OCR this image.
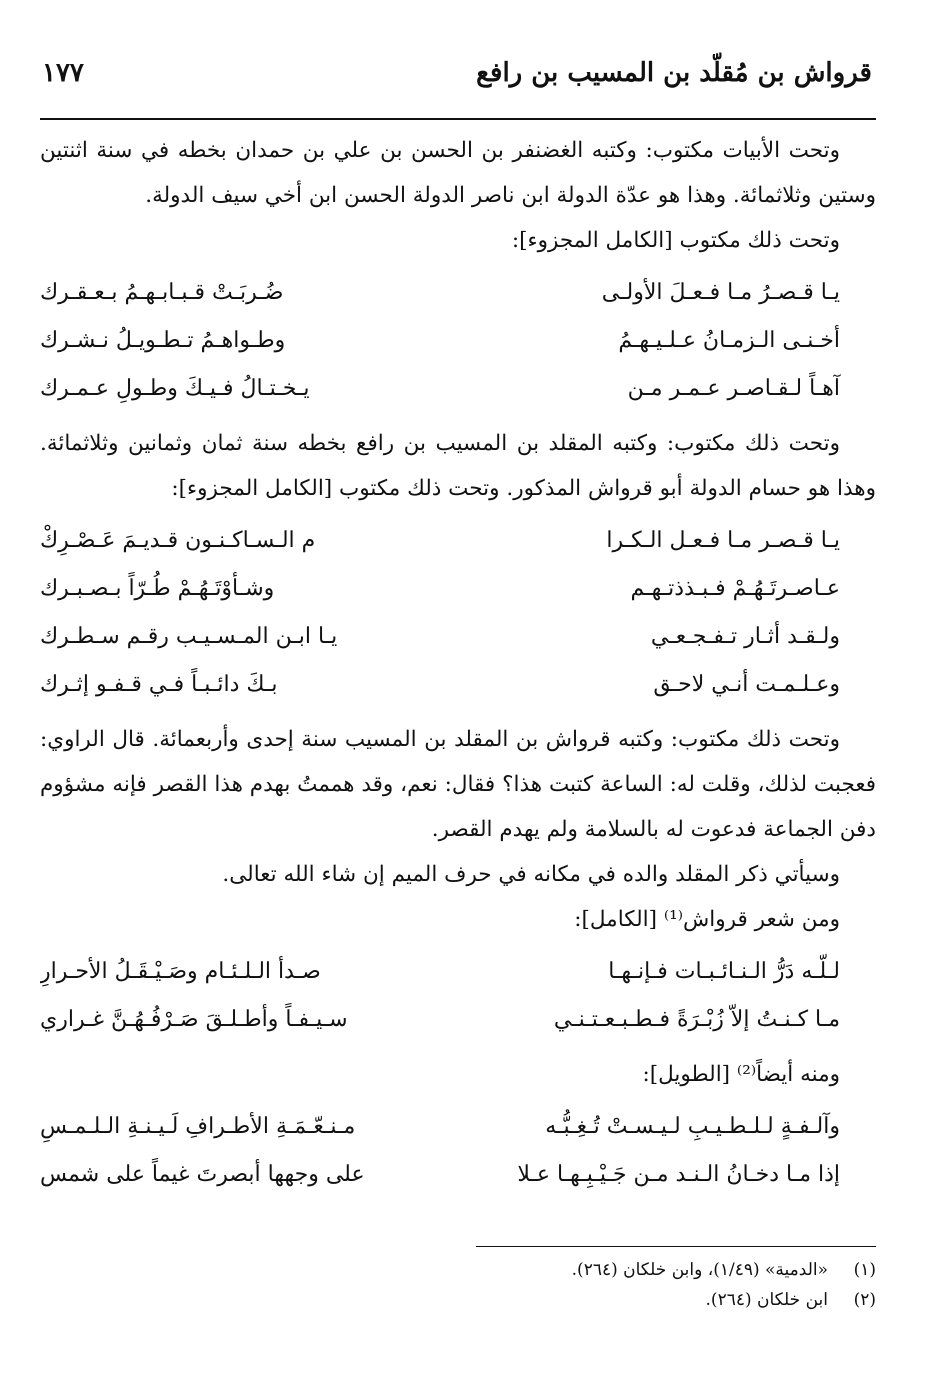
قرواش بن مُقلّد بن المسيب بن رافع
١٧٧

وتحت الأبيات مكتوب: وكتبه الغضنفر بن الحسن بن علي بن حمدان بخطه في سنة اثنتين وستين وثلاثمائة. وهذا هو عدّة الدولة ابن ناصر الدولة الحسن ابن أخي سيف الدولة.

وتحت ذلك مكتوب [الكامل المجزوء]:

يـا قـصـرُ مـا فـعـلَ الأولـى
ضُـربَـتْ قـبـابـهـمُ بـعـقـرك
أخـنـى الـزمـانُ عـلـيـهـمُ
وطـواهـمُ تـطـويـلُ نـشـرك
آهـاً لـقـاصـر عـمـر مـن
يـخـتـالُ فـيـكَ وطـولِ عـمـرك

وتحت ذلك مكتوب: وكتبه المقلد بن المسيب بن رافع بخطه سنة ثمان وثمانين وثلاثمائة. وهذا هو حسام الدولة أبو قرواش المذكور. وتحت ذلك مكتوب [الكامل المجزوء]:

يـا قـصـر مـا فـعـل الـكـرا
م الـسـاكـنـون قـديـمَ عَـصْـرِكْ
عـاصـرتَـهُـمْ فـبـذذتـهـم
وشـأوْتَـهُـمْ طُـرّاً بـصـبـرك
ولـقـد أثـار تـفـجـعـي
يـا ابـن المـسـيـب رقـم سـطـرك
وعـلـمـت أنـي لاحـق
بـكَ دائـبـاً فـي قـفـو إثـرك

وتحت ذلك مكتوب: وكتبه قرواش بن المقلد بن المسيب سنة إحدى وأربعمائة. قال الراوي: فعجبت لذلك، وقلت له: الساعة كتبت هذا؟ فقال: نعم، وقد هممتُ بهدم هذا القصر فإنه مشؤوم دفن الجماعة فدعوت له بالسلامة ولم يهدم القصر.

وسيأتي ذكر المقلد والده في مكانه في حرف الميم إن شاء الله تعالى.

ومن شعر قرواش⁽¹⁾ [الكامل]:

لـلّـه دَرُّ الـنـائـبـات فـإنـهـا
صـدأ الـلـئـام وصَـيْـقَـلُ الأحـرارِ
مـا كـنـتُ إلاّ زُبْـرَةً فـطـبـعـتـنـي
سـيـفـاً وأطـلـقَ صَـرْفُـهُـنَّ غـراري

ومنه أيضاً⁽²⁾ [الطويل]:

وآلـفـةٍ لـلـطـيـبِ لـيـسـتْ تُـغِـبُّـه
مـنـعّـمَـةِ الأطـرافِ لَـيـنـةِ الـلـمـسِ
إذا مـا دخـانُ الـنـد مـن جَـيْـبِـهـا عـلا
على وجهها أبصرتَ غيماً على شمس
(١)
«الدمية» (١/٤٩)، وابن خلكان (٢٦٤).
(٢)
ابن خلكان (٢٦٤).
